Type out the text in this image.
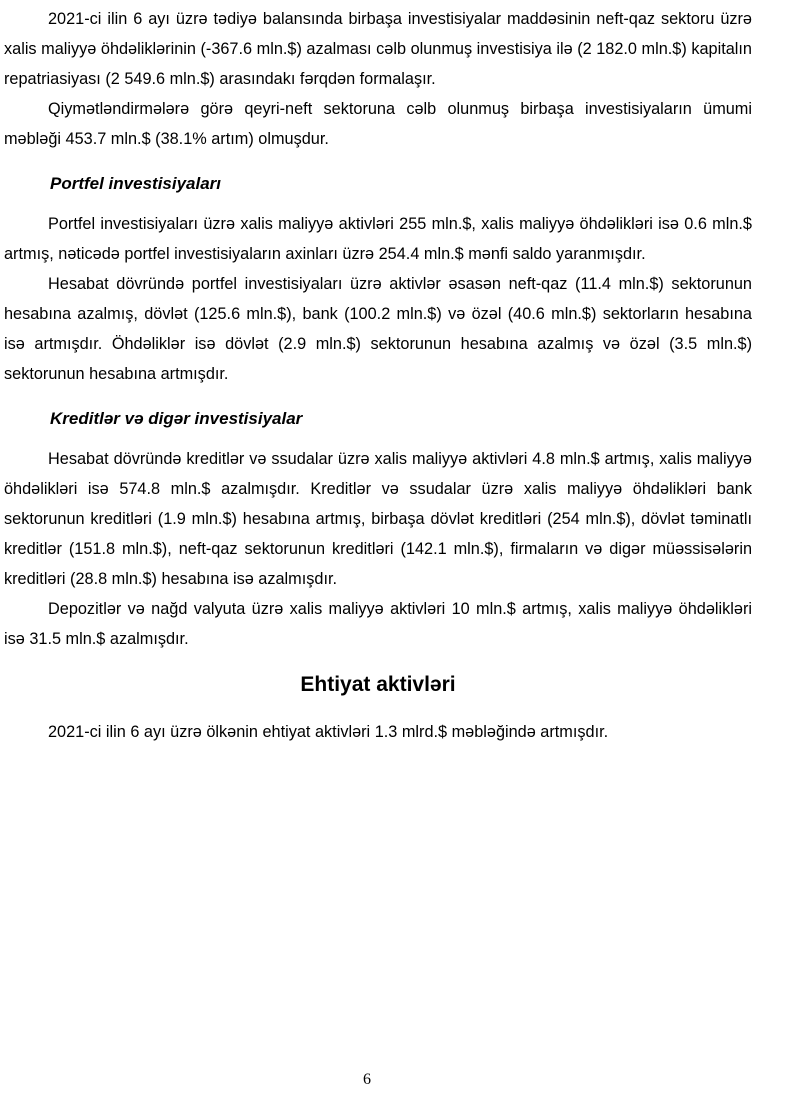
2021-ci ilin 6 ayı üzrə tədiyə balansında birbaşa investisiyalar maddəsinin neft-qaz sektoru üzrə xalis maliyyə öhdəliklərinin (-367.6 mln.$) azalması cəlb olunmuş investisiya ilə (2 182.0 mln.$) kapitalın repatriasiyası (2 549.6 mln.$) arasındakı fərqdən formalaşır.

Qiymətləndirmələrə görə qeyri-neft sektoruna cəlb olunmuş birbaşa investisiyaların ümumi məbləği 453.7 mln.$ (38.1% artım) olmuşdur.

Portfel investisiyaları

Portfel investisiyaları üzrə xalis maliyyə aktivləri 255 mln.$, xalis maliyyə öhdəlikləri isə 0.6 mln.$ artmış, nəticədə portfel investisiyaların axinları üzrə 254.4 mln.$ mənfi saldo yaranmışdır.

Hesabat dövründə portfel investisiyaları üzrə aktivlər əsasən neft-qaz (11.4 mln.$) sektorunun hesabına azalmış, dövlət (125.6 mln.$), bank (100.2 mln.$) və özəl (40.6 mln.$) sektorların hesabına isə artmışdır. Öhdəliklər isə dövlət (2.9 mln.$) sektorunun hesabına azalmış və özəl (3.5 mln.$) sektorunun hesabına artmışdır.

Kreditlər və digər investisiyalar

Hesabat dövründə kreditlər və ssudalar üzrə xalis maliyyə aktivləri 4.8 mln.$ artmış, xalis maliyyə öhdəlikləri isə 574.8 mln.$ azalmışdır. Kreditlər və ssudalar üzrə xalis maliyyə öhdəlikləri bank sektorunun kreditləri (1.9 mln.$) hesabına artmış, birbaşa dövlət kreditləri (254 mln.$), dövlət təminatlı kreditlər (151.8 mln.$), neft-qaz sektorunun kreditləri (142.1 mln.$), firmaların və digər müəssisələrin kreditləri (28.8 mln.$) hesabına isə azalmışdır.

Depozitlər və nağd valyuta üzrə xalis maliyyə aktivləri 10 mln.$ artmış, xalis maliyyə öhdəlikləri isə 31.5 mln.$ azalmışdır.

Ehtiyat aktivləri

2021-ci ilin 6 ayı üzrə ölkənin ehtiyat aktivləri 1.3 mlrd.$ məbləğində artmışdır.

6
